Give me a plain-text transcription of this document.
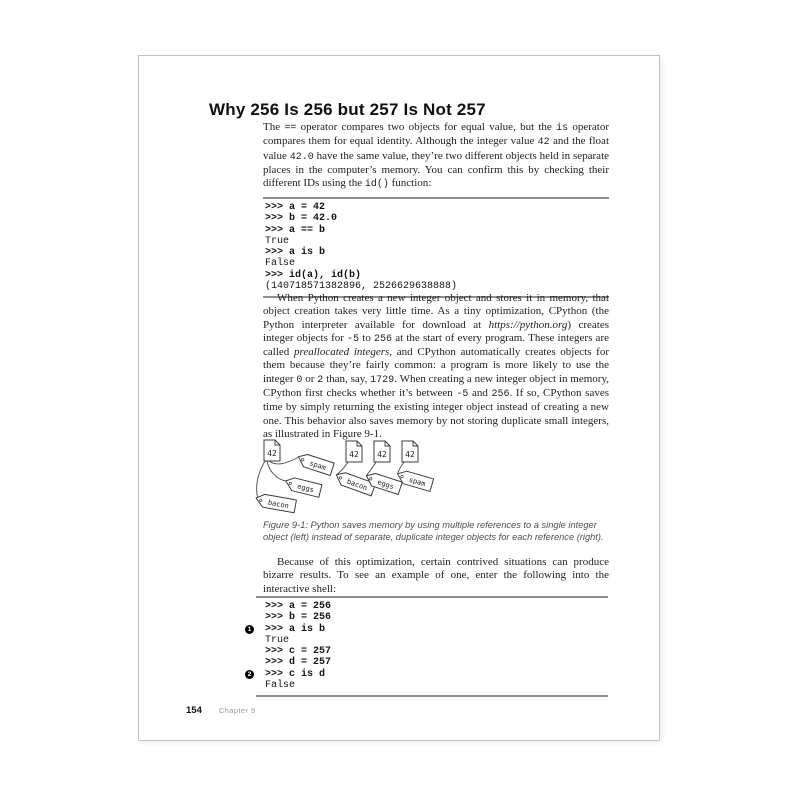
Why 256 Is 256 but 257 Is Not 257

The == operator compares two objects for equal value, but the is operator compares them for equal identity. Although the integer value 42 and the float value 42.0 have the same value, they’re two different objects held in separate places in the computer’s memory. You can confirm this by checking their different IDs using the id() function:

>>> a = 42
>>> b = 42.0
>>> a == b
True
>>> a is b
False
>>> id(a), id(b)
(140718571382896, 2526629638888)

When Python creates a new integer object and stores it in memory, that object creation takes very little time. As a tiny optimization, CPython (the Python interpreter available for download at https://python.org) creates integer objects for -5 to 256 at the start of every program. These integers are called preallocated integers, and CPython automatically creates objects for them because they’re fairly common: a program is more likely to use the integer 0 or 2 than, say, 1729. When creating a new integer object in memory, CPython first checks whether it’s between -5 and 256. If so, CPython saves time by simply returning the existing integer object instead of creating a new one. This behavior also saves memory by not storing duplicate small integers, as illustrated in Figure 9-1.

42
spam
eggs
bacon
42 42 42
bacon eggs spam

Figure 9-1: Python saves memory by using multiple references to a single integer object (left) instead of separate, duplicate integer objects for each reference (right).

Because of this optimization, certain contrived situations can produce bizarre results. To see an example of one, enter the following into the interactive shell:

>>> a = 256
>>> b = 256
1 >>> a is b
True
>>> c = 257
>>> d = 257
2 >>> c is d
False
154 Chapter 9
